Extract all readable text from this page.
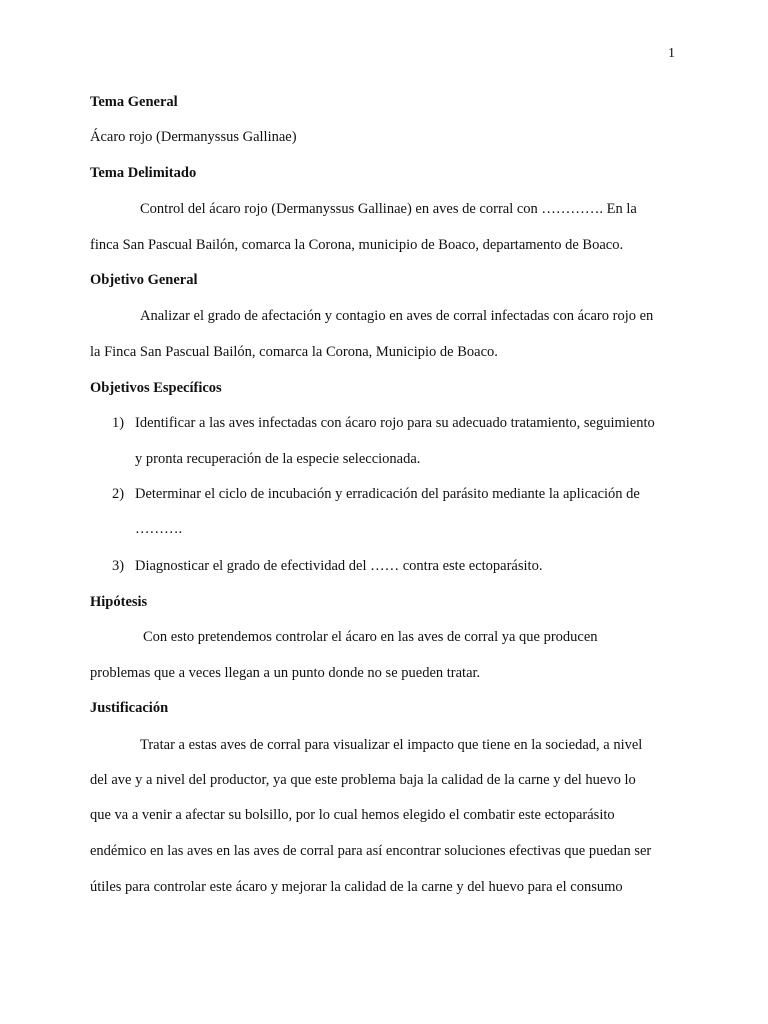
1
Tema General
Ácaro rojo (Dermanyssus Gallinae)
Tema Delimitado
Control del ácaro rojo (Dermanyssus Gallinae) en aves de corral con …………. En la
finca San Pascual Bailón, comarca la Corona, municipio de Boaco, departamento de Boaco.
Objetivo General
Analizar el grado de afectación y contagio en aves de corral infectadas con ácaro rojo en
la Finca San Pascual Bailón, comarca la Corona, Municipio de Boaco.
Objetivos Específicos
1) Identificar a las aves infectadas con ácaro rojo para su adecuado tratamiento, seguimiento
y pronta recuperación de la especie seleccionada.
2) Determinar el ciclo de incubación y erradicación del parásito mediante la aplicación de
……….
3) Diagnosticar el grado de efectividad del …… contra este ectoparásito.
Hipótesis
Con esto pretendemos controlar el ácaro en las aves de corral ya que producen
problemas que a veces llegan a un punto donde no se pueden tratar.
Justificación
Tratar a estas aves de corral para visualizar el impacto que tiene en la sociedad, a nivel
del ave y a nivel del productor, ya que este problema baja la calidad de la carne y del huevo lo
que va a venir a afectar su bolsillo, por lo cual hemos elegido el combatir este ectoparásito
endémico en las aves en las aves de corral para así encontrar soluciones efectivas que puedan ser
útiles para controlar este ácaro y mejorar la calidad de la carne y del huevo para el consumo
